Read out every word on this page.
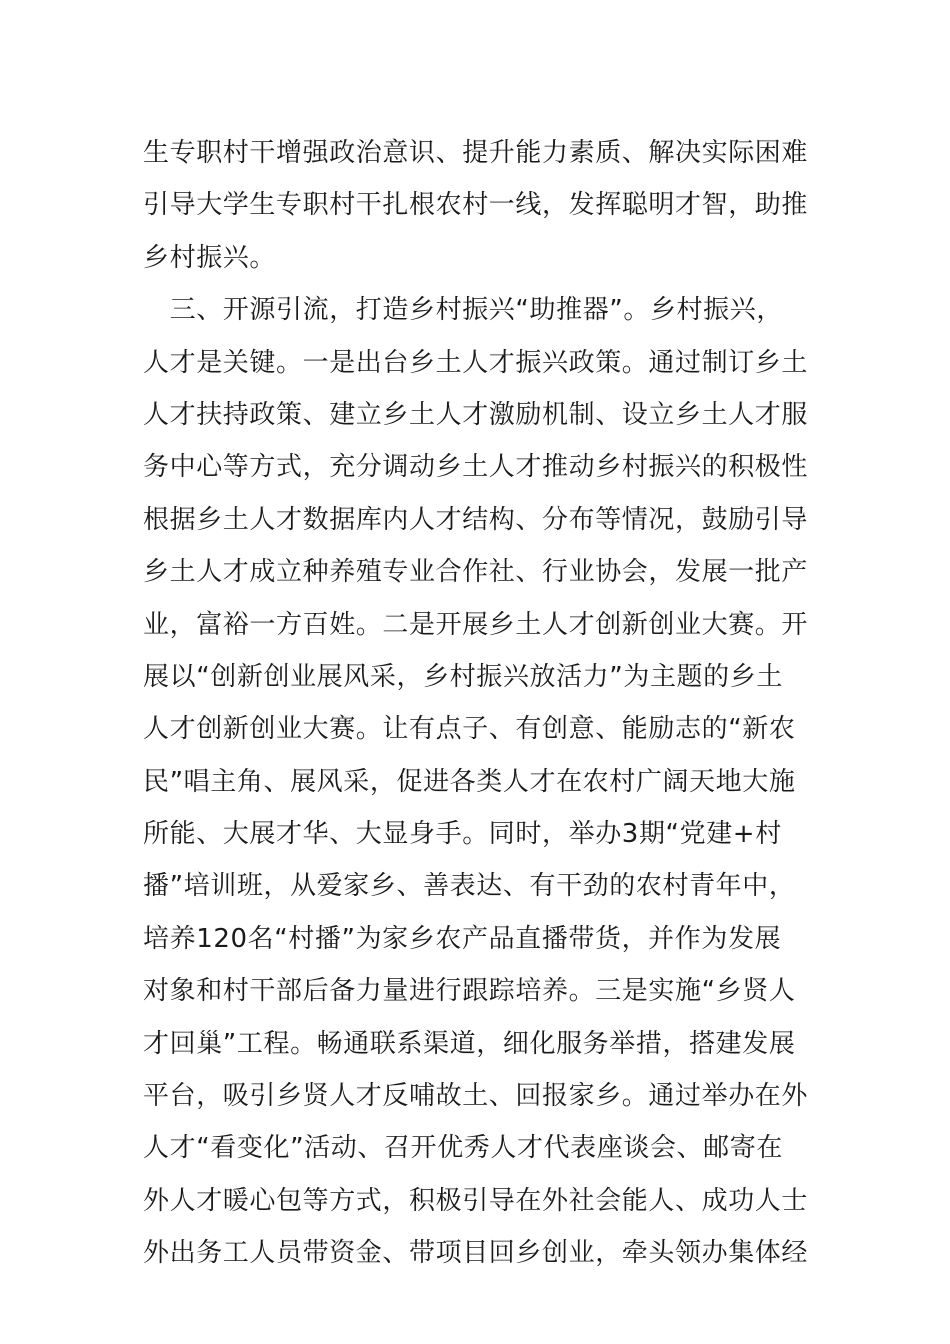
生专职村干增强政治意识、提升能力素质、解决实际困难
引导大学生专职村干扎根农村一线，发挥聪明才智，助推
乡村振兴。
　三、开源引流，打造乡村振兴“助推器”。乡村振兴，
人才是关键。一是出台乡土人才振兴政策。通过制订乡土
人才扶持政策、建立乡土人才激励机制、设立乡土人才服
务中心等方式，充分调动乡土人才推动乡村振兴的积极性
根据乡土人才数据库内人才结构、分布等情况，鼓励引导
乡土人才成立种养殖专业合作社、行业协会，发展一批产
业，富裕一方百姓。二是开展乡土人才创新创业大赛。开
展以“创新创业展风采，乡村振兴放活力”为主题的乡土
人才创新创业大赛。让有点子、有创意、能励志的“新农
民”唱主角、展风采，促进各类人才在农村广阔天地大施
所能、大展才华、大显身手。同时，举办3期“党建+村
播”培训班，从爱家乡、善表达、有干劲的农村青年中，
培养120名“村播”为家乡农产品直播带货，并作为发展
对象和村干部后备力量进行跟踪培养。三是实施“乡贤人
才回巢”工程。畅通联系渠道，细化服务举措，搭建发展
平台，吸引乡贤人才反哺故土、回报家乡。通过举办在外
人才“看变化”活动、召开优秀人才代表座谈会、邮寄在
外人才暖心包等方式，积极引导在外社会能人、成功人士
外出务工人员带资金、带项目回乡创业，牵头领办集体经
